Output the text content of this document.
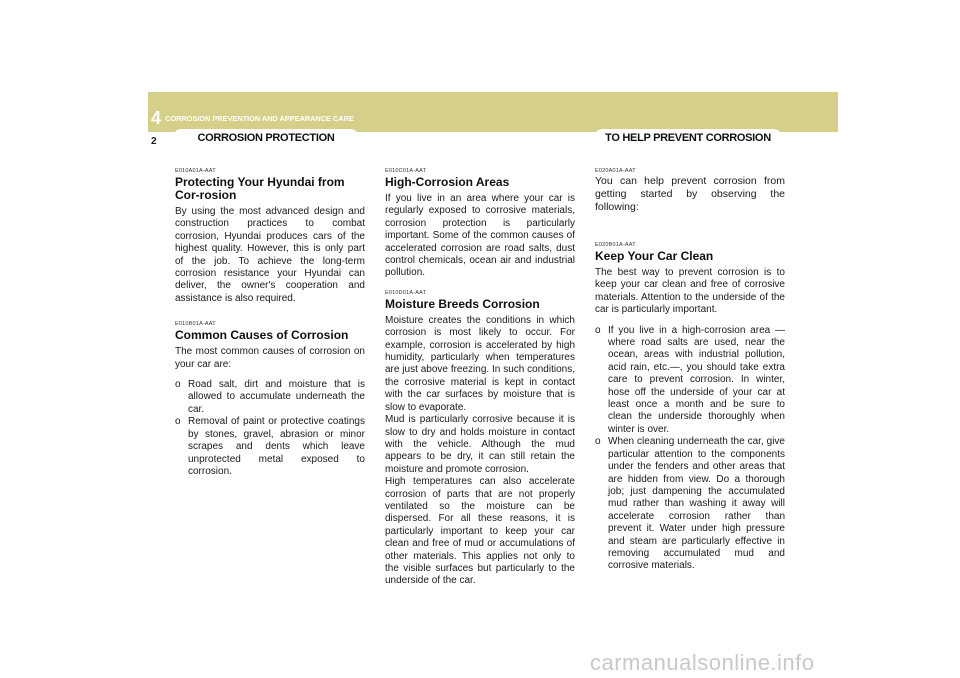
4 CORROSION PREVENTION AND APPEARANCE CARE
2	CORROSION PROTECTION	TO HELP PREVENT CORROSION
E010A01A-AAT
Protecting Your Hyundai from Cor-rosion

By using the most advanced design and construction practices to combat corrosion, Hyundai produces cars of the highest quality. However, this is only part of the job. To achieve the long-term corrosion resistance your Hyundai can deliver, the owner's cooperation and assistance is also required.

E010B01A-AAT
Common Causes of Corrosion

The most common causes of corrosion on your car are:

o Road salt, dirt and moisture that is allowed to accumulate underneath the car.
o Removal of paint or protective coatings by stones, gravel, abrasion or minor scrapes and dents which leave unprotected metal exposed to corrosion.
E010C01A-AAT
High-Corrosion Areas

If you live in an area where your car is regularly exposed to corrosive materials, corrosion protection is particularly important. Some of the common causes of accelerated corrosion are road salts, dust control chemicals, ocean air and industrial pollution.

E010D01A-AAT
Moisture Breeds Corrosion

Moisture creates the conditions in which corrosion is most likely to occur. For example, corrosion is accelerated by high humidity, particularly when temperatures are just above freezing. In such conditions, the corrosive material is kept in contact with the car surfaces by moisture that is slow to evaporate.

Mud is particularly corrosive because it is slow to dry and holds moisture in contact with the vehicle. Although the mud appears to be dry, it can still retain the moisture and promote corrosion.

High temperatures can also accelerate corrosion of parts that are not properly ventilated so the moisture can be dispersed. For all these reasons, it is particularly important to keep your car clean and free of mud or accumulations of other materials. This applies not only to the visible surfaces but particularly to the underside of the car.

E020A01A-AAT

You can help prevent corrosion from getting started by observing the following:

E020B01A-AAT
Keep Your Car Clean

The best way to prevent corrosion is to keep your car clean and free of corrosive materials. Attention to the underside of the car is particularly important.

o If you live in a high-corrosion area — where road salts are used, near the ocean, areas with industrial pollution, acid rain, etc.—, you should take extra care to prevent corrosion. In winter, hose off the underside of your car at least once a month and be sure to clean the underside thoroughly when winter is over.
o When cleaning underneath the car, give particular attention to the components under the fenders and other areas that are hidden from view. Do a thorough job; just dampening the accumulated mud rather than washing it away will accelerate corrosion rather than prevent it. Water under high pressure and steam are particularly effective in removing accumulated mud and corrosive materials.
carmanualsonline.info
